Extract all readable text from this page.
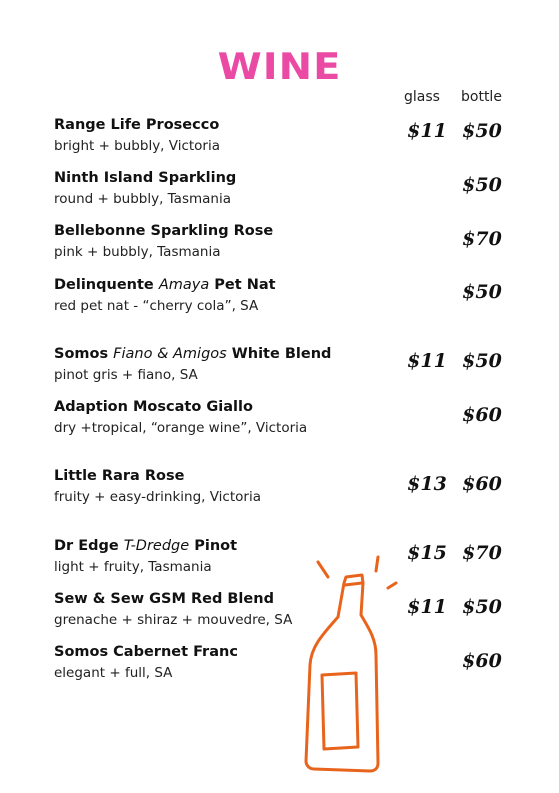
WINE
glass bottle
Range Life Prosecco
bright + bubbly, Victoria
$11 $50
Ninth Island Sparkling
round + bubbly, Tasmania
$50
Bellebonne Sparkling Rose
pink + bubbly, Tasmania
$70
Delinquente Amaya Pet Nat
red pet nat - “cherry cola”, SA
$50
Somos Fiano & Amigos White Blend
pinot gris + fiano, SA
$11 $50
Adaption Moscato Giallo
dry +tropical, “orange wine”, Victoria
$60
Little Rara Rose
fruity + easy-drinking, Victoria
$13 $60
Dr Edge T-Dredge Pinot
light + fruity, Tasmania
$15 $70
Sew & Sew GSM Red Blend
grenache + shiraz + mouvedre, SA
$11 $50
Somos Cabernet Franc
elegant + full, SA
$60
